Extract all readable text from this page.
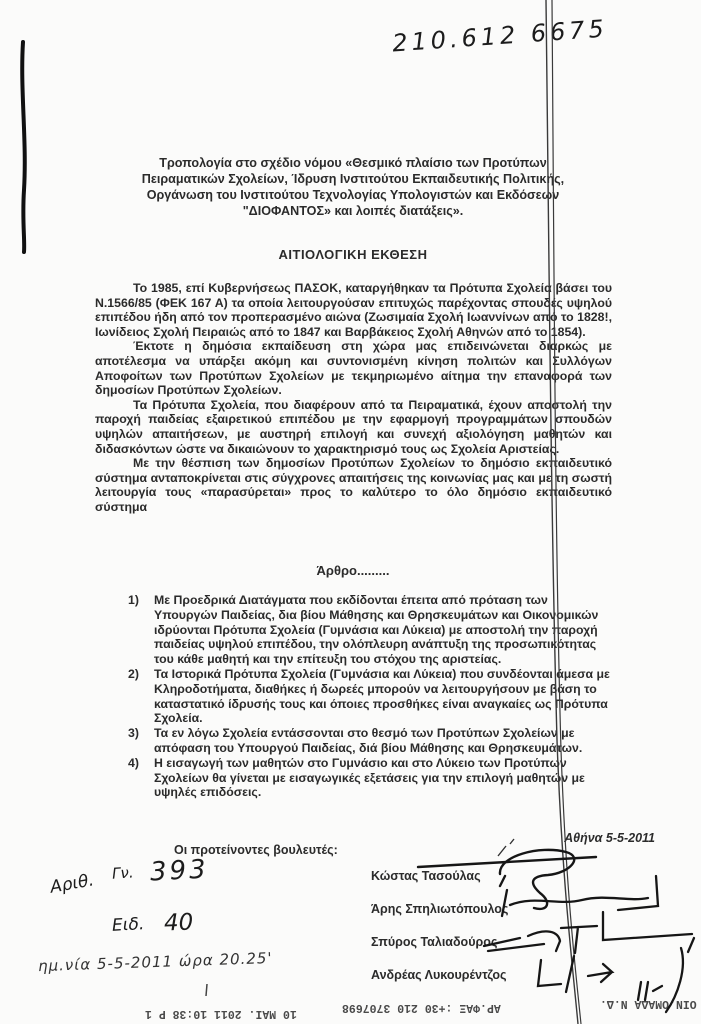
210.612 6675
Τροπολογία στο σχέδιο νόμου «Θεσμικό πλαίσιο των Προτύπων
Πειραματικών Σχολείων, Ίδρυση Ινστιτούτου Εκπαιδευτικής Πολιτικής,
Οργάνωση του Ινστιτούτου Τεχνολογίας Υπολογιστών και Εκδόσεων
"ΔΙΟΦΑΝΤΟΣ» και λοιπές διατάξεις».
ΑΙΤΙΟΛΟΓΙΚΗ ΕΚΘΕΣΗ

Το 1985, επί Κυβερνήσεως ΠΑΣΟΚ, καταργήθηκαν τα Πρότυπα Σχολεία βάσει του Ν.1566/85 (ΦΕΚ 167 Α) τα οποία λειτουργούσαν επιτυχώς παρέχοντας σπουδές υψηλού επιπέδου ήδη από τον προπερασμένο αιώνα (Ζωσιμαία Σχολή Ιωαννίνων από το 1828!, Ιωνίδειος Σχολή Πειραιώς από το 1847 και Βαρβάκειος Σχολή Αθηνών από το 1854).

Έκτοτε η δημόσια εκπαίδευση στη χώρα μας επιδεινώνεται διαρκώς με αποτέλεσμα να υπάρξει ακόμη και συντονισμένη κίνηση πολιτών και Συλλόγων Αποφοίτων των Προτύπων Σχολείων με τεκμηριωμένο αίτημα την επαναφορά των δημοσίων Προτύπων Σχολείων.

Τα Πρότυπα Σχολεία, που διαφέρουν από τα Πειραματικά, έχουν αποστολή την παροχή παιδείας εξαιρετικού επιπέδου με την εφαρμογή προγραμμάτων σπουδών υψηλών απαιτήσεων, με αυστηρή επιλογή και συνεχή αξιολόγηση μαθητών και διδασκόντων ώστε να δικαιώνουν το χαρακτηρισμό τους ως Σχολεία Αριστείας.

Με την θέσπιση των δημοσίων Προτύπων Σχολείων το δημόσιο εκπαιδευτικό σύστημα ανταποκρίνεται στις σύγχρονες απαιτήσεις της κοινωνίας μας και με τη σωστή λειτουργία τους «παρασύρεται» προς το καλύτερο το όλο δημόσιο εκπαιδευτικό σύστημα

Άρθρο.........
1)	Με Προεδρικά Διατάγματα που εκδίδονται έπειτα από πρόταση των Υπουργών Παιδείας, δια βίου Μάθησης και Θρησκευμάτων και Οικονομικών ιδρύονται Πρότυπα Σχολεία (Γυμνάσια και Λύκεια) με αποστολή την παροχή παιδείας υψηλού επιπέδου, την ολόπλευρη ανάπτυξη της προσωπικότητας του κάθε μαθητή και την επίτευξη του στόχου της αριστείας.
2)	Τα Ιστορικά Πρότυπα Σχολεία (Γυμνάσια και Λύκεια) που συνδέονται άμεσα με Κληροδοτήματα, διαθήκες ή δωρεές μπορούν να λειτουργήσουν με βάση το καταστατικό ίδρυσής τους και όποιες προσθήκες είναι αναγκαίες ως Πρότυπα Σχολεία.
3)	Τα εν λόγω Σχολεία εντάσσονται στο θεσμό των Προτύπων Σχολείων με απόφαση του Υπουργού Παιδείας, διά βίου Μάθησης και Θρησκευμάτων.
4)	Η εισαγωγή των μαθητών στο Γυμνάσιο και στο Λύκειο των Προτύπων Σχολείων θα γίνεται με εισαγωγικές εξετάσεις για την επιλογή μαθητών με υψηλές επιδόσεις.
Αθήνα 5-5-2011
Οι προτείνοντες βουλευτές:
Κώστας Τασούλας
Άρης Σπηλιωτόπουλος
Σπύρος Ταλιαδούρος
Ανδρέας Λυκουρέντζος
Αριθ. Γν. 393
Ειδ. 40
ημ.νία 5-5-2011 ώρα 20.25'
10 ΜΑΙ. 2011 10:38 P 1	ΑΡ.ΦΑΞ :+30 210 3707698	ΟΙΝ.ΟΜΑΔΑ Ν.Δ.
